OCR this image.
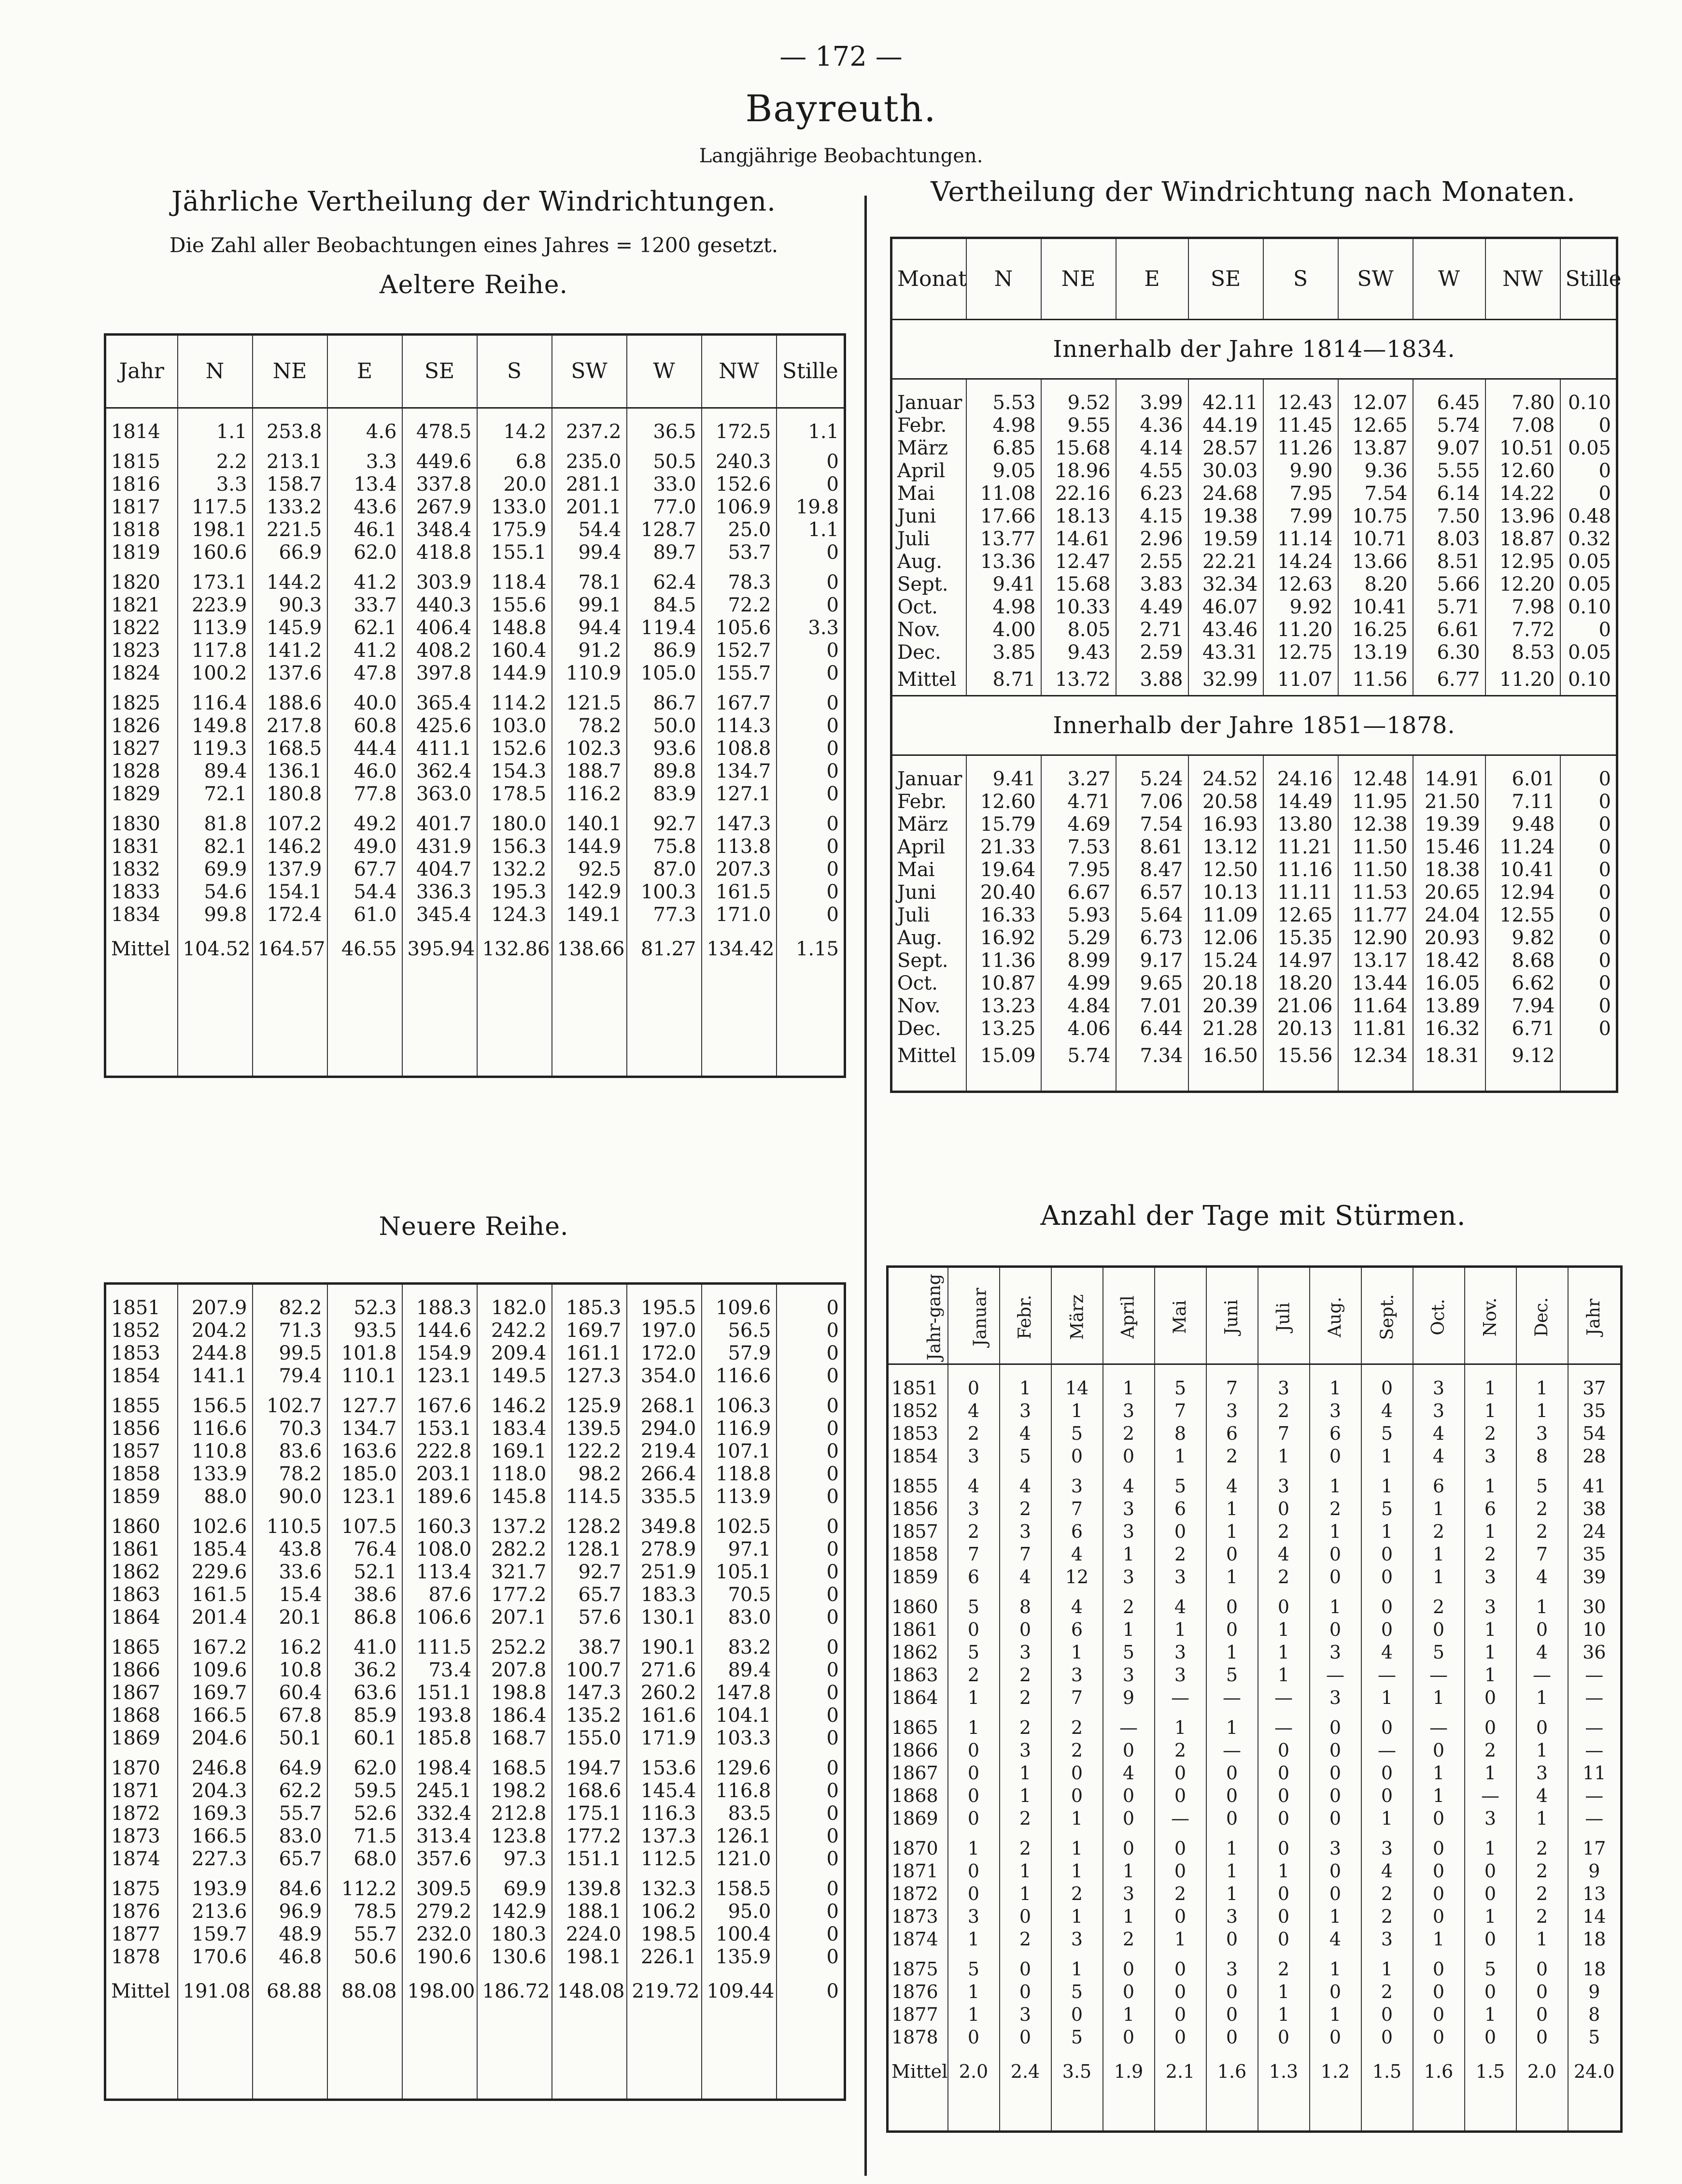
— 172 —
Bayreuth.
Langjährige Beobachtungen.
Jährliche Vertheilung der Windrichtungen.
Die Zahl aller Beobachtungen eines Jahres = 1200 gesetzt.
Aeltere Reihe.
Jahr	N	NE	E	SE	S	SW	W	NW	Stille

1814	1.1	253.8	4.6	478.5	14.2	237.2	36.5	172.5	1.1

1815	2.2	213.1	3.3	449.6	6.8	235.0	50.5	240.3	0
1816	3.3	158.7	13.4	337.8	20.0	281.1	33.0	152.6	0
1817	117.5	133.2	43.6	267.9	133.0	201.1	77.0	106.9	19.8
1818	198.1	221.5	46.1	348.4	175.9	54.4	128.7	25.0	1.1
1819	160.6	66.9	62.0	418.8	155.1	99.4	89.7	53.7	0

1820	173.1	144.2	41.2	303.9	118.4	78.1	62.4	78.3	0
1821	223.9	90.3	33.7	440.3	155.6	99.1	84.5	72.2	0
1822	113.9	145.9	62.1	406.4	148.8	94.4	119.4	105.6	3.3
1823	117.8	141.2	41.2	408.2	160.4	91.2	86.9	152.7	0
1824	100.2	137.6	47.8	397.8	144.9	110.9	105.0	155.7	0

1825	116.4	188.6	40.0	365.4	114.2	121.5	86.7	167.7	0
1826	149.8	217.8	60.8	425.6	103.0	78.2	50.0	114.3	0
1827	119.3	168.5	44.4	411.1	152.6	102.3	93.6	108.8	0
1828	89.4	136.1	46.0	362.4	154.3	188.7	89.8	134.7	0
1829	72.1	180.8	77.8	363.0	178.5	116.2	83.9	127.1	0

1830	81.8	107.2	49.2	401.7	180.0	140.1	92.7	147.3	0
1831	82.1	146.2	49.0	431.9	156.3	144.9	75.8	113.8	0
1832	69.9	137.9	67.7	404.7	132.2	92.5	87.0	207.3	0
1833	54.6	154.1	54.4	336.3	195.3	142.9	100.3	161.5	0
1834	99.8	172.4	61.0	345.4	124.3	149.1	77.3	171.0	0

Mittel	104.52	164.57	46.55	395.94	132.86	138.66	81.27	134.42	1.15

Neuere Reihe.

1851	207.9	82.2	52.3	188.3	182.0	185.3	195.5	109.6	0
1852	204.2	71.3	93.5	144.6	242.2	169.7	197.0	56.5	0
1853	244.8	99.5	101.8	154.9	209.4	161.1	172.0	57.9	0
1854	141.1	79.4	110.1	123.1	149.5	127.3	354.0	116.6	0

1855	156.5	102.7	127.7	167.6	146.2	125.9	268.1	106.3	0
1856	116.6	70.3	134.7	153.1	183.4	139.5	294.0	116.9	0
1857	110.8	83.6	163.6	222.8	169.1	122.2	219.4	107.1	0
1858	133.9	78.2	185.0	203.1	118.0	98.2	266.4	118.8	0
1859	88.0	90.0	123.1	189.6	145.8	114.5	335.5	113.9	0

1860	102.6	110.5	107.5	160.3	137.2	128.2	349.8	102.5	0
1861	185.4	43.8	76.4	108.0	282.2	128.1	278.9	97.1	0
1862	229.6	33.6	52.1	113.4	321.7	92.7	251.9	105.1	0
1863	161.5	15.4	38.6	87.6	177.2	65.7	183.3	70.5	0
1864	201.4	20.1	86.8	106.6	207.1	57.6	130.1	83.0	0

1865	167.2	16.2	41.0	111.5	252.2	38.7	190.1	83.2	0
1866	109.6	10.8	36.2	73.4	207.8	100.7	271.6	89.4	0
1867	169.7	60.4	63.6	151.1	198.8	147.3	260.2	147.8	0
1868	166.5	67.8	85.9	193.8	186.4	135.2	161.6	104.1	0
1869	204.6	50.1	60.1	185.8	168.7	155.0	171.9	103.3	0

1870	246.8	64.9	62.0	198.4	168.5	194.7	153.6	129.6	0
1871	204.3	62.2	59.5	245.1	198.2	168.6	145.4	116.8	0
1872	169.3	55.7	52.6	332.4	212.8	175.1	116.3	83.5	0
1873	166.5	83.0	71.5	313.4	123.8	177.2	137.3	126.1	0
1874	227.3	65.7	68.0	357.6	97.3	151.1	112.5	121.0	0

1875	193.9	84.6	112.2	309.5	69.9	139.8	132.3	158.5	0
1876	213.6	96.9	78.5	279.2	142.9	188.1	106.2	95.0	0
1877	159.7	48.9	55.7	232.0	180.3	224.0	198.5	100.4	0
1878	170.6	46.8	50.6	190.6	130.6	198.1	226.1	135.9	0

Mittel	191.08	68.88	88.08	198.00	186.72	148.08	219.72	109.44	0

Vertheilung der Windrichtung nach Monaten.
Monat	N	NE	E	SE	S	SW	W	NW	Stille
Innerhalb der Jahre 1814—1834.									

Januar	5.53	9.52	3.99	42.11	12.43	12.07	6.45	7.80	0.10
Febr.	4.98	9.55	4.36	44.19	11.45	12.65	5.74	7.08	0
März	6.85	15.68	4.14	28.57	11.26	13.87	9.07	10.51	0.05
April	9.05	18.96	4.55	30.03	9.90	9.36	5.55	12.60	0
Mai	11.08	22.16	6.23	24.68	7.95	7.54	6.14	14.22	0
Juni	17.66	18.13	4.15	19.38	7.99	10.75	7.50	13.96	0.48
Juli	13.77	14.61	2.96	19.59	11.14	10.71	8.03	18.87	0.32
Aug.	13.36	12.47	2.55	22.21	14.24	13.66	8.51	12.95	0.05
Sept.	9.41	15.68	3.83	32.34	12.63	8.20	5.66	12.20	0.05
Oct.	4.98	10.33	4.49	46.07	9.92	10.41	5.71	7.98	0.10
Nov.	4.00	8.05	2.71	43.46	11.20	16.25	6.61	7.72	0
Dec.	3.85	9.43	2.59	43.31	12.75	13.19	6.30	8.53	0.05
Mittel	8.71	13.72	3.88	32.99	11.07	11.56	6.77	11.20	0.10
Innerhalb der Jahre 1851—1878.									

Januar	9.41	3.27	5.24	24.52	24.16	12.48	14.91	6.01	0
Febr.	12.60	4.71	7.06	20.58	14.49	11.95	21.50	7.11	0
März	15.79	4.69	7.54	16.93	13.80	12.38	19.39	9.48	0
April	21.33	7.53	8.61	13.12	11.21	11.50	15.46	11.24	0
Mai	19.64	7.95	8.47	12.50	11.16	11.50	18.38	10.41	0
Juni	20.40	6.67	6.57	10.13	11.11	11.53	20.65	12.94	0
Juli	16.33	5.93	5.64	11.09	12.65	11.77	24.04	12.55	0
Aug.	16.92	5.29	6.73	12.06	15.35	12.90	20.93	9.82	0
Sept.	11.36	8.99	9.17	15.24	14.97	13.17	18.42	8.68	0
Oct.	10.87	4.99	9.65	20.18	18.20	13.44	16.05	6.62	0
Nov.	13.23	4.84	7.01	20.39	21.06	11.64	13.89	7.94	0
Dec.	13.25	4.06	6.44	21.28	20.13	11.81	16.32	6.71	0
Mittel	15.09	5.74	7.34	16.50	15.56	12.34	18.31	9.12	

Anzahl der Tage mit Stürmen.
Jahr-gang	Januar	Febr.	März	April	Mai	Juni	Juli	Aug.	Sept.	Oct.	Nov.	Dec.	Jahr

1851	0	1	14	1	5	7	3	1	0	3	1	1	37
1852	4	3	1	3	7	3	2	3	4	3	1	1	35
1853	2	4	5	2	8	6	7	6	5	4	2	3	54
1854	3	5	0	0	1	2	1	0	1	4	3	8	28

1855	4	4	3	4	5	4	3	1	1	6	1	5	41
1856	3	2	7	3	6	1	0	2	5	1	6	2	38
1857	2	3	6	3	0	1	2	1	1	2	1	2	24
1858	7	7	4	1	2	0	4	0	0	1	2	7	35
1859	6	4	12	3	3	1	2	0	0	1	3	4	39

1860	5	8	4	2	4	0	0	1	0	2	3	1	30
1861	0	0	6	1	1	0	1	0	0	0	1	0	10
1862	5	3	1	5	3	1	1	3	4	5	1	4	36
1863	2	2	3	3	3	5	1	—	—	—	1	—	—
1864	1	2	7	9	—	—	—	3	1	1	0	1	—

1865	1	2	2	—	1	1	—	0	0	—	0	0	—
1866	0	3	2	0	2	—	0	0	—	0	2	1	—
1867	0	1	0	4	0	0	0	0	0	1	1	3	11
1868	0	1	0	0	0	0	0	0	0	1	—	4	—
1869	0	2	1	0	—	0	0	0	1	0	3	1	—

1870	1	2	1	0	0	1	0	3	3	0	1	2	17
1871	0	1	1	1	0	1	1	0	4	0	0	2	9
1872	0	1	2	3	2	1	0	0	2	0	0	2	13
1873	3	0	1	1	0	3	0	1	2	0	1	2	14
1874	1	2	3	2	1	0	0	4	3	1	0	1	18

1875	5	0	1	0	0	3	2	1	1	0	5	0	18
1876	1	0	5	0	0	0	1	0	2	0	0	0	9
1877	1	3	0	1	0	0	1	1	0	0	1	0	8
1878	0	0	5	0	0	0	0	0	0	0	0	0	5

Mittel	2.0	2.4	3.5	1.9	2.1	1.6	1.3	1.2	1.5	1.6	1.5	2.0	24.0
